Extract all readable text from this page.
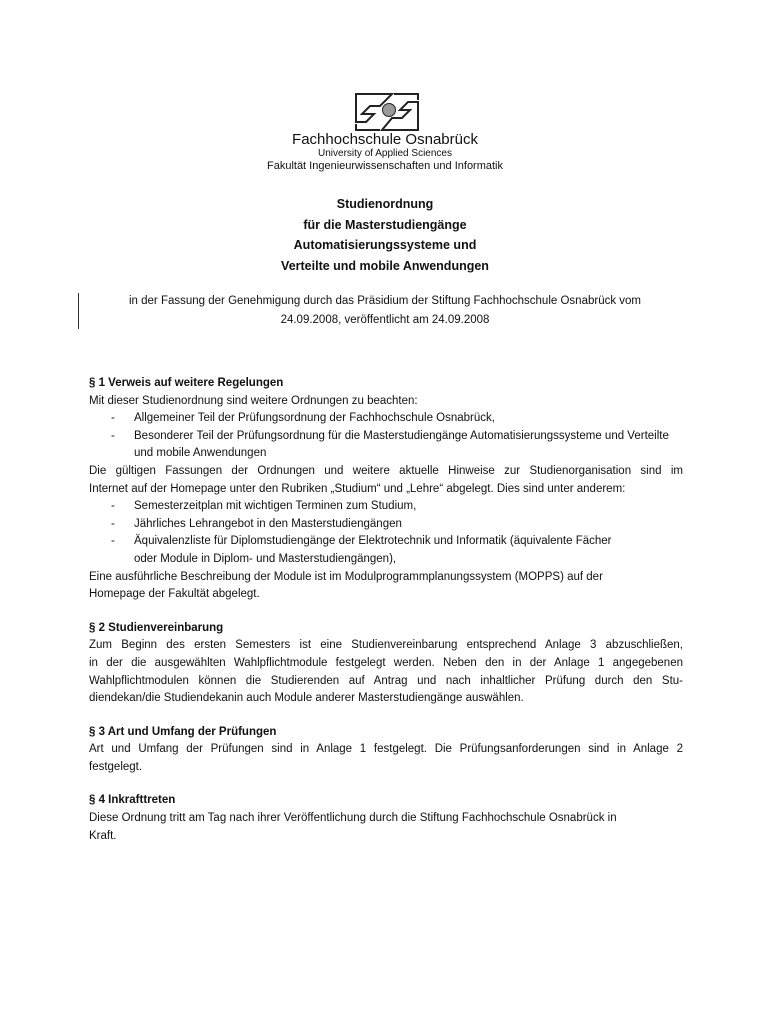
Fachhochschule Osnabrück
University of Applied Sciences
Fakultät Ingenieurwissenschaften und Informatik
Studienordnung
für die Masterstudiengänge
Automatisierungssysteme und
Verteilte und mobile Anwendungen
in der Fassung der Genehmigung durch das Präsidium der Stiftung Fachhochschule Osnabrück vom
24.09.2008, veröffentlicht am 24.09.2008
§ 1 Verweis auf weitere Regelungen
Mit dieser Studienordnung sind weitere Ordnungen zu beachten:
- Allgemeiner Teil der Prüfungsordnung der Fachhochschule Osnabrück,
- Besonderer Teil der Prüfungsordnung für die Masterstudiengänge Automatisierungssysteme und Verteilte und mobile Anwendungen
Die gültigen Fassungen der Ordnungen und weitere aktuelle Hinweise zur Studienorganisation sind im
Internet auf der Homepage unter den Rubriken „Studium“ und „Lehre“ abgelegt. Dies sind unter anderem:
- Semesterzeitplan mit wichtigen Terminen zum Studium,
- Jährliches Lehrangebot in den Masterstudiengängen
- Äquivalenzliste für Diplomstudiengänge der Elektrotechnik und Informatik (äquivalente Fächer
oder Module in Diplom- und Masterstudiengängen),
Eine ausführliche Beschreibung der Module ist im Modulprogrammplanungssystem (MOPPS) auf der
Homepage der Fakultät abgelegt.
§ 2 Studienvereinbarung
Zum Beginn des ersten Semesters ist eine Studienvereinbarung entsprechend Anlage 3 abzuschließen,
in der die ausgewählten Wahlpflichtmodule festgelegt werden. Neben den in der Anlage 1 angegebenen
Wahlpflichtmodulen können die Studierenden auf Antrag und nach inhaltlicher Prüfung durch den Stu-
diendekan/die Studiendekanin auch Module anderer Masterstudiengänge auswählen.
§ 3 Art und Umfang der Prüfungen
Art und Umfang der Prüfungen sind in Anlage 1 festgelegt. Die Prüfungsanforderungen sind in Anlage 2
festgelegt.
§ 4 Inkrafttreten
Diese Ordnung tritt am Tag nach ihrer Veröffentlichung durch die Stiftung Fachhochschule Osnabrück in
Kraft.
